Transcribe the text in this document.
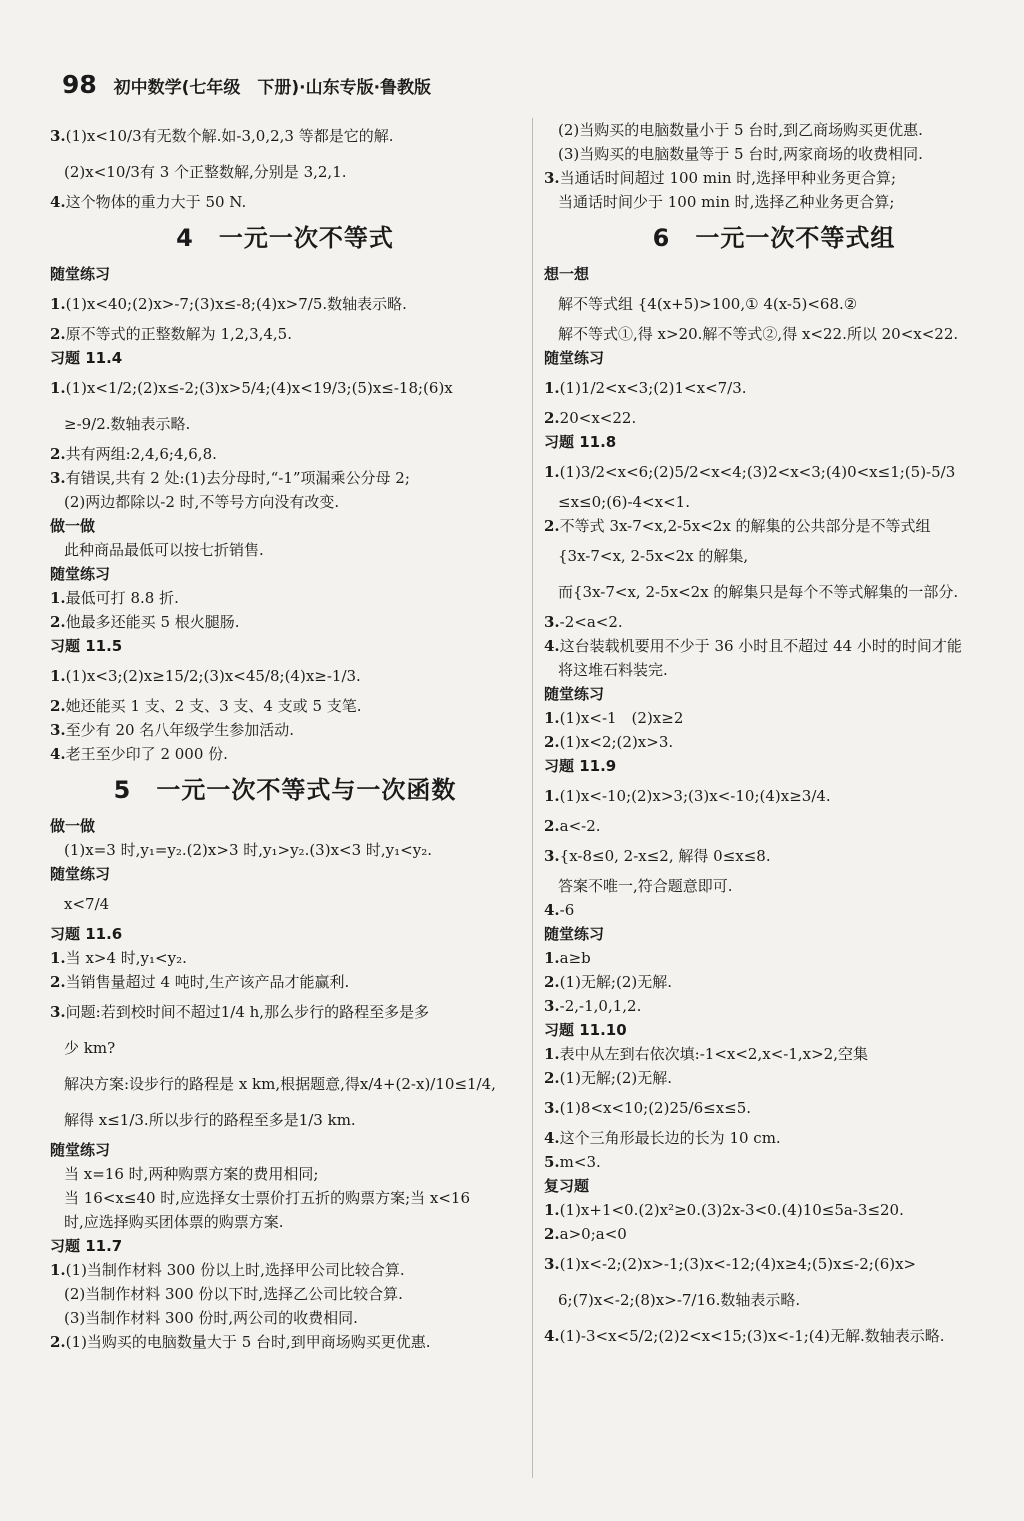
98 初中数学(七年级　下册)·山东专版·鲁教版
3.(1)x<10/3有无数个解.如-3,0,2,3 等都是它的解.
(2)x<10/3有 3 个正整数解,分别是 3,2,1.
4.这个物体的重力大于 50 N.
4　一元一次不等式
随堂练习
1.(1)x<40;(2)x>-7;(3)x≤-8;(4)x>7/5.数轴表示略.
2.原不等式的正整数解为 1,2,3,4,5.
习题 11.4
1.(1)x<1/2;(2)x≤-2;(3)x>5/4;(4)x<19/3;(5)x≤-18;(6)x
≥-9/2.数轴表示略.
2.共有两组:2,4,6;4,6,8.
3.有错误,共有 2 处:(1)去分母时,“-1”项漏乘公分母 2;
(2)两边都除以-2 时,不等号方向没有改变.
做一做
此种商品最低可以按七折销售.
随堂练习
1.最低可打 8.8 折.
2.他最多还能买 5 根火腿肠.
习题 11.5
1.(1)x<3;(2)x≥15/2;(3)x<45/8;(4)x≥-1/3.
2.她还能买 1 支、2 支、3 支、4 支或 5 支笔.
3.至少有 20 名八年级学生参加活动.
4.老王至少印了 2 000 份.
5　一元一次不等式与一次函数
做一做
(1)x=3 时,y₁=y₂.(2)x>3 时,y₁>y₂.(3)x<3 时,y₁<y₂.
随堂练习
x<7/4
习题 11.6
1.当 x>4 时,y₁<y₂.
2.当销售量超过 4 吨时,生产该产品才能赢利.
3.问题:若到校时间不超过1/4 h,那么步行的路程至多是多
少 km?
解决方案:设步行的路程是 x km,根据题意,得x/4+(2-x)/10≤1/4,
解得 x≤1/3.所以步行的路程至多是1/3 km.
随堂练习
当 x=16 时,两种购票方案的费用相同;
当 16<x≤40 时,应选择女士票价打五折的购票方案;当 x<16
时,应选择购买团体票的购票方案.
习题 11.7
1.(1)当制作材料 300 份以上时,选择甲公司比较合算.
(2)当制作材料 300 份以下时,选择乙公司比较合算.
(3)当制作材料 300 份时,两公司的收费相同.
2.(1)当购买的电脑数量大于 5 台时,到甲商场购买更优惠.
(2)当购买的电脑数量小于 5 台时,到乙商场购买更优惠.
(3)当购买的电脑数量等于 5 台时,两家商场的收费相同.
3.当通话时间超过 100 min 时,选择甲种业务更合算;
当通话时间少于 100 min 时,选择乙种业务更合算;
6　一元一次不等式组
想一想
解不等式组 {4(x+5)>100,① 4(x-5)<68.②
解不等式①,得 x>20.解不等式②,得 x<22.所以 20<x<22.
随堂练习
1.(1)1/2<x<3;(2)1<x<7/3.
2.20<x<22.
习题 11.8
1.(1)3/2<x<6;(2)5/2<x<4;(3)2<x<3;(4)0<x≤1;(5)-5/3
≤x≤0;(6)-4<x<1.
2.不等式 3x-7<x,2-5x<2x 的解集的公共部分是不等式组
{3x-7<x, 2-5x<2x 的解集,
而{3x-7<x, 2-5x<2x 的解集只是每个不等式解集的一部分.
3.-2<a<2.
4.这台装载机要用不少于 36 小时且不超过 44 小时的时间才能
将这堆石料装完.
随堂练习
1.(1)x<-1　(2)x≥2
2.(1)x<2;(2)x>3.
习题 11.9
1.(1)x<-10;(2)x>3;(3)x<-10;(4)x≥3/4.
2.a<-2.
3.{x-8≤0, 2-x≤2, 解得 0≤x≤8.
答案不唯一,符合题意即可.
4.-6
随堂练习
1.a≥b
2.(1)无解;(2)无解.
3.-2,-1,0,1,2.
习题 11.10
1.表中从左到右依次填:-1<x<2,x<-1,x>2,空集
2.(1)无解;(2)无解.
3.(1)8<x<10;(2)25/6≤x≤5.
4.这个三角形最长边的长为 10 cm.
5.m<3.
复习题
1.(1)x+1<0.(2)x²≥0.(3)2x-3<0.(4)10≤5a-3≤20.
2.a>0;a<0
3.(1)x<-2;(2)x>-1;(3)x<-12;(4)x≥4;(5)x≤-2;(6)x>
6;(7)x<-2;(8)x>-7/16.数轴表示略.
4.(1)-3<x<5/2;(2)2<x<15;(3)x<-1;(4)无解.数轴表示略.
